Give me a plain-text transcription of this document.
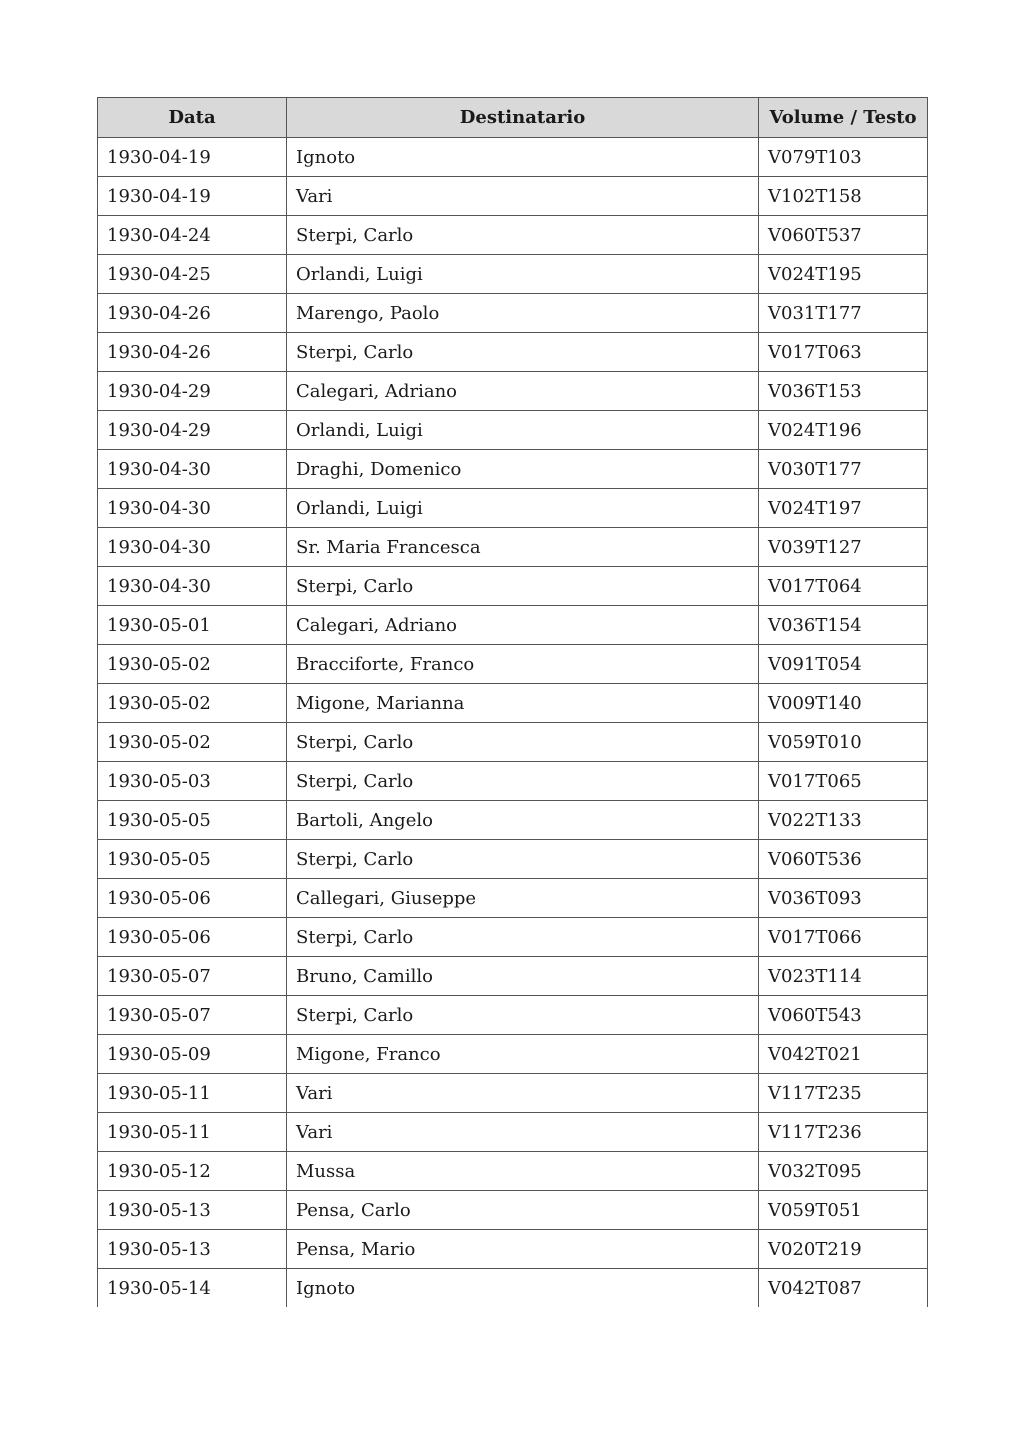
Data	Destinatario	Volume / Testo
1930-04-19	Ignoto	V079T103
1930-04-19	Vari	V102T158
1930-04-24	Sterpi, Carlo	V060T537
1930-04-25	Orlandi, Luigi	V024T195
1930-04-26	Marengo, Paolo	V031T177
1930-04-26	Sterpi, Carlo	V017T063
1930-04-29	Calegari, Adriano	V036T153
1930-04-29	Orlandi, Luigi	V024T196
1930-04-30	Draghi, Domenico	V030T177
1930-04-30	Orlandi, Luigi	V024T197
1930-04-30	Sr. Maria Francesca	V039T127
1930-04-30	Sterpi, Carlo	V017T064
1930-05-01	Calegari, Adriano	V036T154
1930-05-02	Bracciforte, Franco	V091T054
1930-05-02	Migone, Marianna	V009T140
1930-05-02	Sterpi, Carlo	V059T010
1930-05-03	Sterpi, Carlo	V017T065
1930-05-05	Bartoli, Angelo	V022T133
1930-05-05	Sterpi, Carlo	V060T536
1930-05-06	Callegari, Giuseppe	V036T093
1930-05-06	Sterpi, Carlo	V017T066
1930-05-07	Bruno, Camillo	V023T114
1930-05-07	Sterpi, Carlo	V060T543
1930-05-09	Migone, Franco	V042T021
1930-05-11	Vari	V117T235
1930-05-11	Vari	V117T236
1930-05-12	Mussa	V032T095
1930-05-13	Pensa, Carlo	V059T051
1930-05-13	Pensa, Mario	V020T219
1930-05-14	Ignoto	V042T087
